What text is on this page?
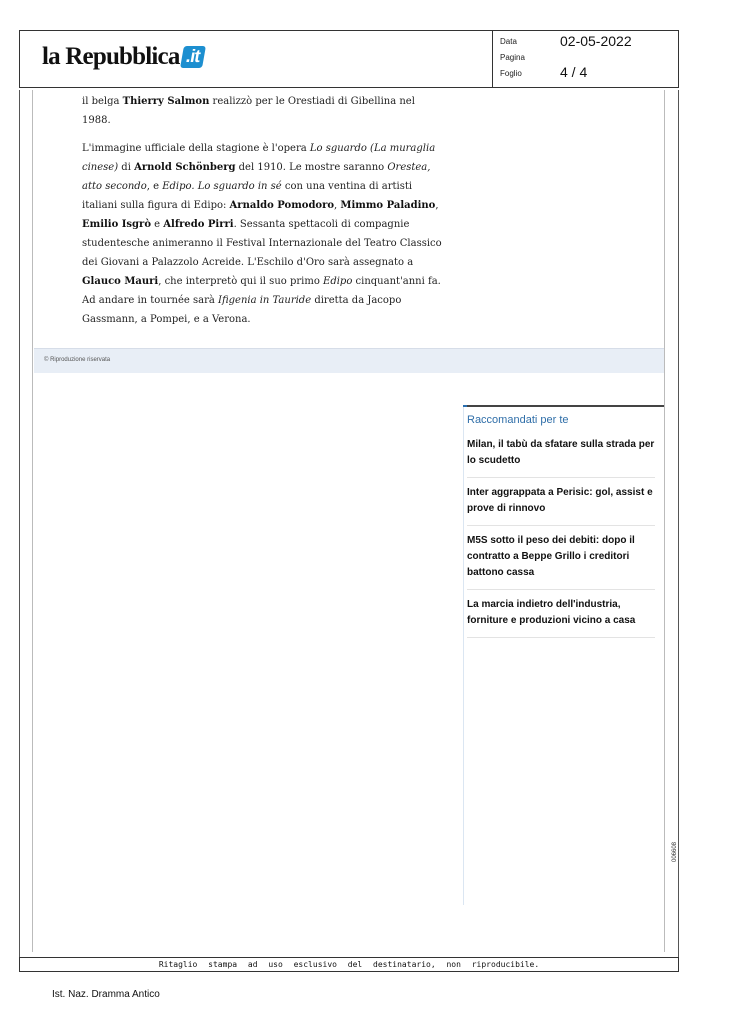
la Repubblica .it
Data	02-05-2022
Pagina
Foglio	4 / 4

il belga Thierry Salmon realizzò per le Orestiadi di Gibellina nel 1988.

L'immagine ufficiale della stagione è l'opera Lo sguardo (La muraglia cinese) di Arnold Schönberg del 1910. Le mostre saranno Orestea, atto secondo, e Edipo. Lo sguardo in sé con una ventina di artisti italiani sulla figura di Edipo: Arnaldo Pomodoro, Mimmo Paladino, Emilio Isgrò e Alfredo Pirri. Sessanta spettacoli di compagnie studentesche animeranno il Festival Internazionale del Teatro Classico dei Giovani a Palazzolo Acreide. L'Eschilo d'Oro sarà assegnato a Glauco Mauri, che interpretò qui il suo primo Edipo cinquant'anni fa. Ad andare in tournée sarà Ifigenia in Tauride diretta da Jacopo Gassmann, a Pompei, e a Verona.

© Riproduzione riservata
Raccomandati per te
Milan, il tabù da sfatare sulla strada per lo scudetto
Inter aggrappata a Perisic: gol, assist e prove di rinnovo
M5S sotto il peso dei debiti: dopo il contratto a Beppe Grillo i creditori battono cassa
La marcia indietro dell'industria, forniture e produzioni vicino a casa
006608
Ritaglio stampa ad uso esclusivo del destinatario, non riproducibile.
Ist. Naz. Dramma Antico
